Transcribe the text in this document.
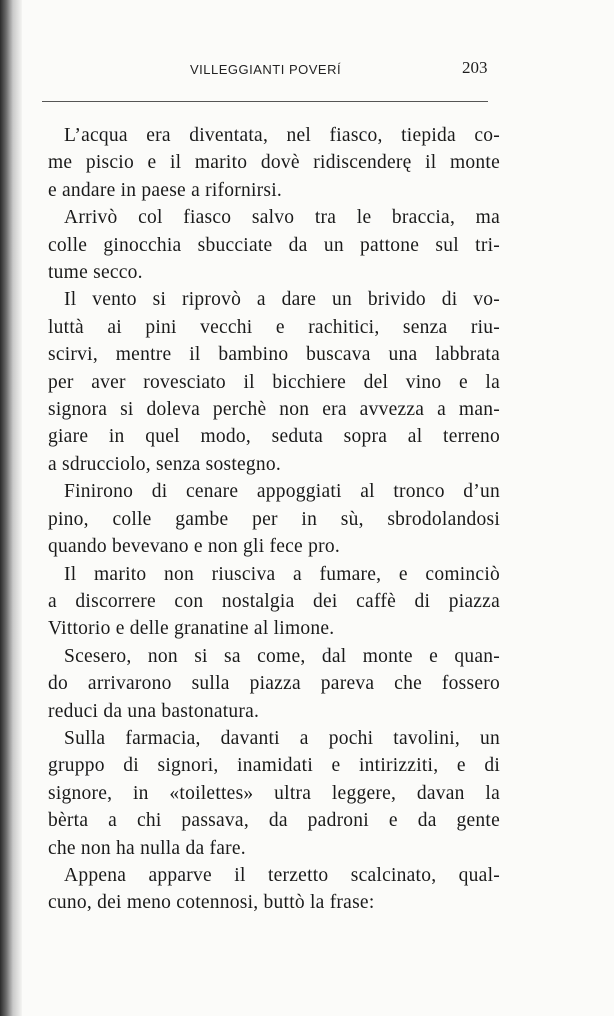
VILLEGGIANTI POVERÍ	203
L’acqua era diventata, nel fiasco, tiepida co-
me piscio e il marito dovè ridiscenderę il monte
e andare in paese a rifornirsi.
Arrivò col fiasco salvo tra le braccia, ma
colle ginocchia sbucciate da un pattone sul tri-
tume secco.
Il vento si riprovò a dare un brivido di vo-
luttà ai pini vecchi e rachitici, senza riu-
scirvi, mentre il bambino buscava una labbrata
per aver rovesciato il bicchiere del vino e la
signora si doleva perchè non era avvezza a man-
giare in quel modo, seduta sopra al terreno
a sdrucciolo, senza sostegno.
Finirono di cenare appoggiati al tronco d’un
pino, colle gambe per in sù, sbrodolandosi
quando bevevano e non gli fece pro.
Il marito non riusciva a fumare, e cominciò
a discorrere con nostalgia dei caffè di piazza
Vittorio e delle granatine al limone.
Scesero, non si sa come, dal monte e quan-
do arrivarono sulla piazza pareva che fossero
reduci da una bastonatura.
Sulla farmacia, davanti a pochi tavolini, un
gruppo di signori, inamidati e intirizziti, e di
signore, in «toilettes» ultra leggere, davan la
bèrta a chi passava, da padroni e da gente
che non ha nulla da fare.
Appena apparve il terzetto scalcinato, qual-
cuno, dei meno cotennosi, buttò la frase:
